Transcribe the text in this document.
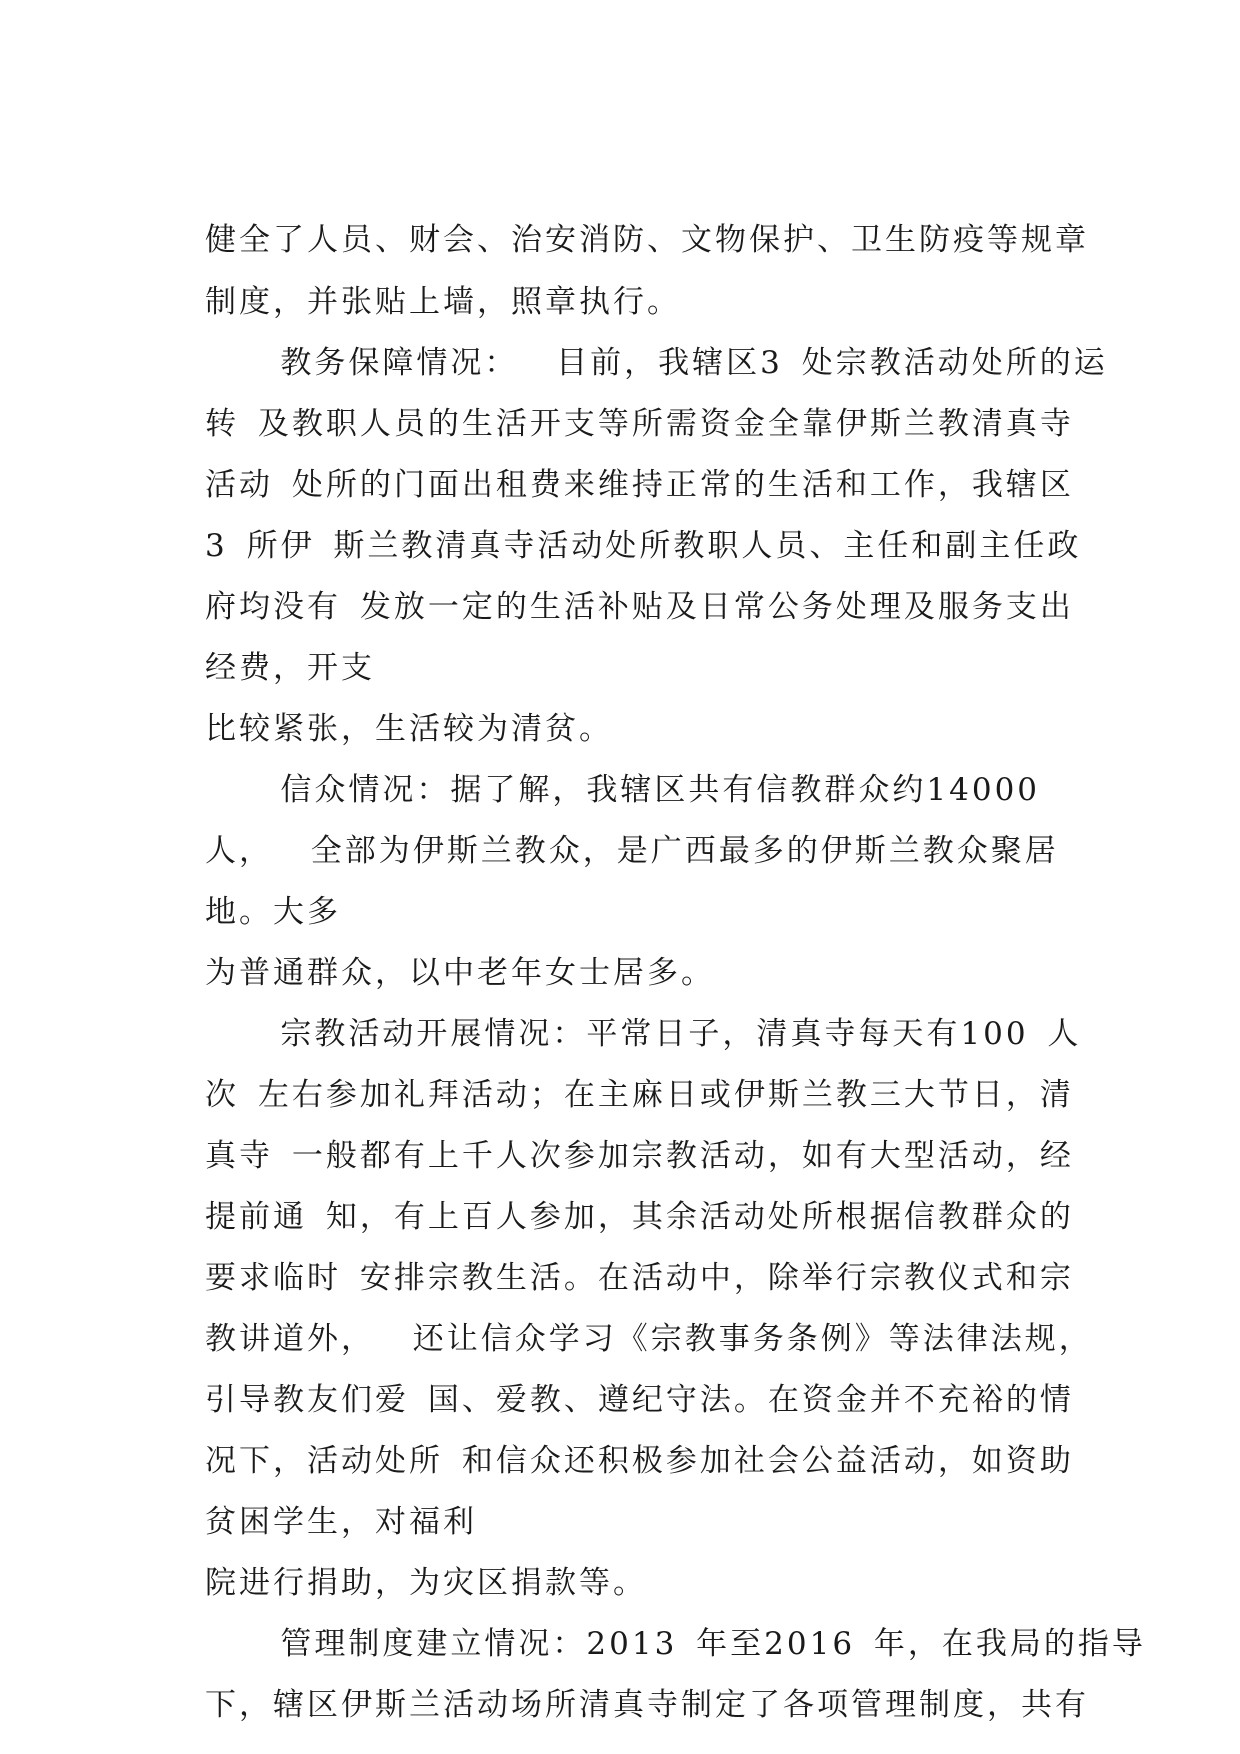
健全了人员、财会、治安消防、文物保护、卫生防疫等规章
制度，并张贴上墙，照章执行。
教务保障情况：  目前，我辖区3 处宗教活动处所的运
转 及教职人员的生活开支等所需资金全靠伊斯兰教清真寺
活动 处所的门面出租费来维持正常的生活和工作，我辖区
3 所伊 斯兰教清真寺活动处所教职人员、主任和副主任政
府均没有 发放一定的生活补贴及日常公务处理及服务支出
经费，开支
比较紧张，生活较为清贫。
信众情况：据了解，我辖区共有信教群众约14000
人，  全部为伊斯兰教众，是广西最多的伊斯兰教众聚居
地。大多
为普通群众，以中老年女士居多。
宗教活动开展情况：平常日子，清真寺每天有100 人
次 左右参加礼拜活动；在主麻日或伊斯兰教三大节日，清
真寺 一般都有上千人次参加宗教活动，如有大型活动，经
提前通 知，有上百人参加，其余活动处所根据信教群众的
要求临时 安排宗教生活。在活动中，除举行宗教仪式和宗
教讲道外，  还让信众学习《宗教事务条例》等法律法规，
引导教友们爱 国、爱教、遵纪守法。在资金并不充裕的情
况下，活动处所 和信众还积极参加社会公益活动，如资助
贫困学生，对福利
院进行捐助，为灾区捐款等。
管理制度建立情况：2013 年至2016 年，在我局的指导
下，辖区伊斯兰活动场所清真寺制定了各项管理制度，共有
